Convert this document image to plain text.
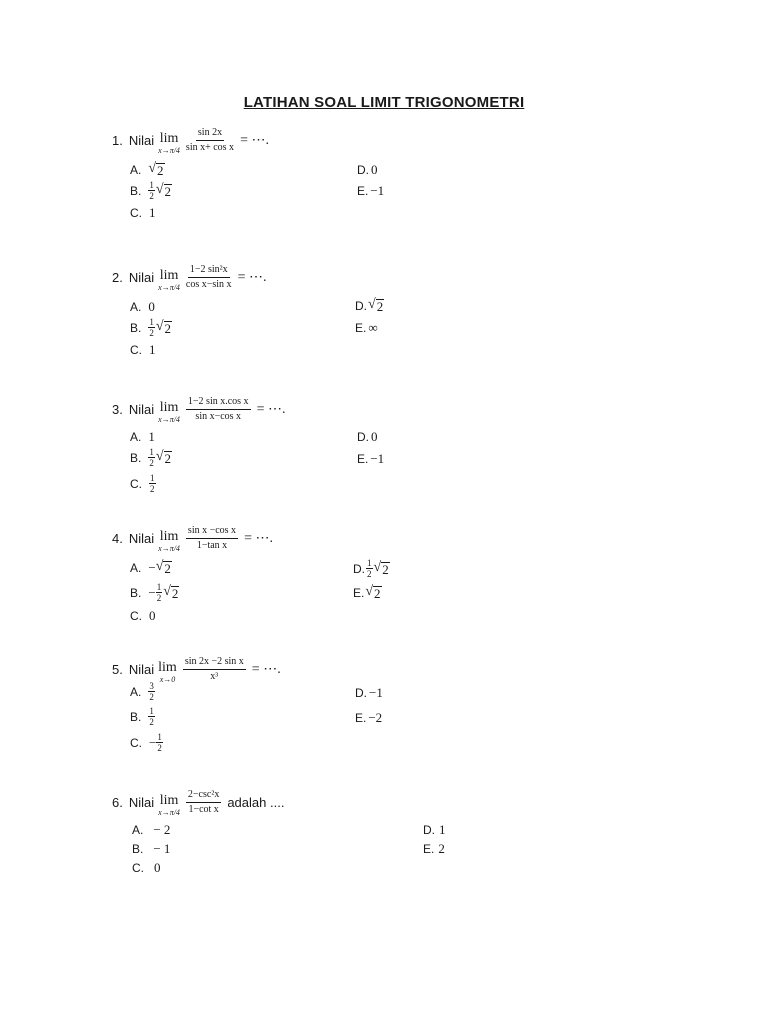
LATIHAN SOAL LIMIT TRIGONOMETRI
1. Nilai lim
$x\to\pi/4 \frac{\sin 2x}{\text{sin x+ cos x}}$ = ⋯.
A. √ 2
B. 1
2 √ 2
C. 1
D. 0
E. −1
2. Nilai lim
$x\to\pi/4 \frac{\text{1−2 sin²x}}{\text{cos x−sin x}}$ = ⋯.
A. 0
B. 1
2 √ 2
C. 1
D. √ 2
E. ∞
3. Nilai lim
$x\to\pi/4 \frac{\text{1−2 sin x.cos x}}{\text{sin x−cos x}}$ = ⋯.
A. 1
B. 1
2 √ 2
C. 1
2
D. 0
E. −1
4. Nilai lim
$x\to\pi/4 \frac{\text{sin x −cos x}}{\text{1−tan x}}$ = ⋯.
A. − √ 2
B. − $\frac{1}{2}$ √ 2
C. 0
D. 1
2 √ 2
E. √ 2
5. Nilai lim
$x\to 0 \frac{\text{sin 2x −2 sin x}}{\text{x³}}$ = ⋯.
A. 3
2
B. 1
2
C. − $\frac{1}{2}$
D. −1
E. −2
6. Nilai lim
$x\to\pi/4 \frac{\text{2−csc²x}}{\text{1−cot x}}$ adalah ....
A. − 2
B. − 1
C. 0
D. 1
E. 2
